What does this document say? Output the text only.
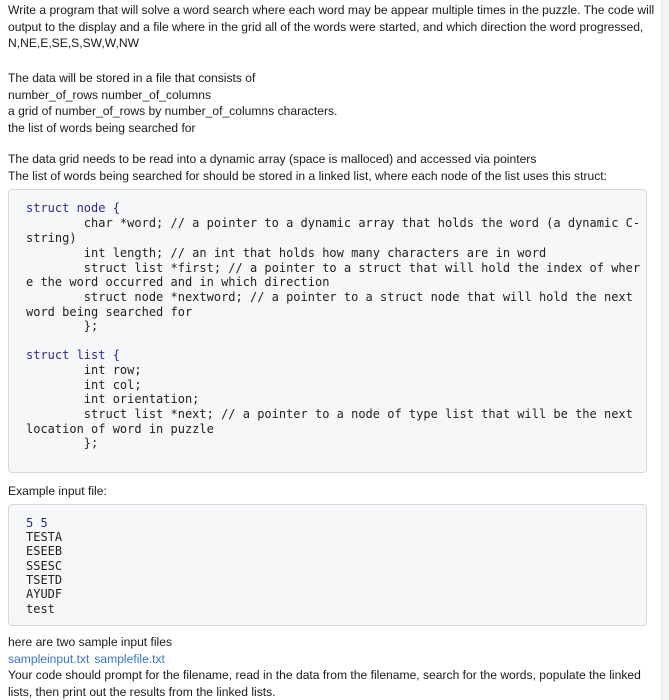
Write a program that will solve a word search where each word may be appear multiple times in the puzzle. The code will
output to the display and a file where in the grid all of the words were started, and which direction the word progressed,
N,NE,E,SE,S,SW,W,NW
The data will be stored in a file that consists of
number_of_rows number_of_columns
a grid of number_of_rows by number_of_columns characters.
the list of words being searched for
The data grid needs to be read into a dynamic array (space is malloced) and accessed via pointers
The list of words being searched for should be stored in a linked list, where each node of the list uses this struct:
struct node {
char *word; // a pointer to a dynamic array that holds the word (a dynamic C-
string)
int length; // an int that holds how many characters are in word
struct list *first; // a pointer to a struct that will hold the index of wher
e the word occurred and in which direction
struct node *nextword; // a pointer to a struct node that will hold the next
word being searched for
};
struct list {
int row;
int col;
int orientation;
struct list *next; // a pointer to a node of type list that will be the next
location of word in puzzle
};
Example input file:
5 5
TESTA
ESEEB
SSESC
TSETD
AYUDF
test
here are two sample input files
sampleinput.txt samplefile.txt
Your code should prompt for the filename, read in the data from the filename, search for the words, populate the linked
lists, then print out the results from the linked lists.
